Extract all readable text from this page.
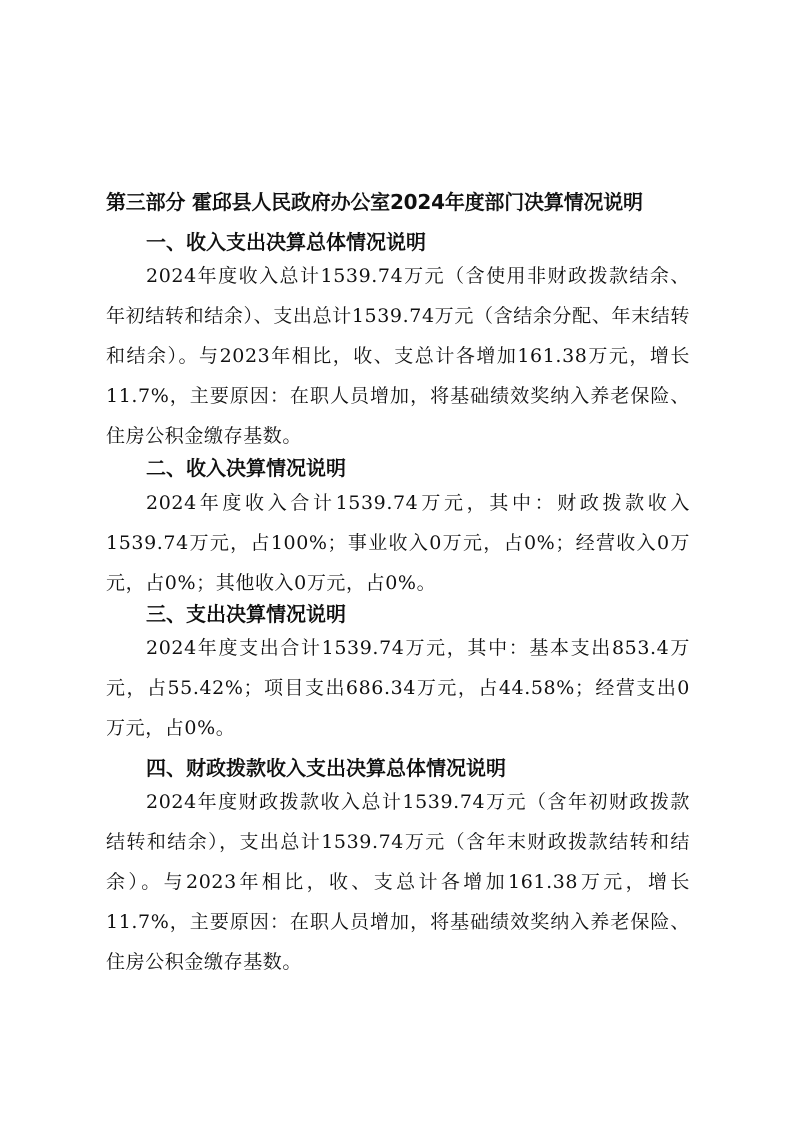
第三部分 霍邱县人民政府办公室2024年度部门决算情况说明
一、收入支出决算总体情况说明
2024年度收入总计1539.74万元（含使用非财政拨款结余、年初结转和结余）、支出总计1539.74万元（含结余分配、年末结转和结余）。与2023年相比，收、支总计各增加161.38万元，增长11.7%，主要原因：在职人员增加，将基础绩效奖纳入养老保险、住房公积金缴存基数。
二、收入决算情况说明
2024年度收入合计1539.74万元，其中：财政拨款收入1539.74万元，占100%；事业收入0万元，占0%；经营收入0万元，占0%；其他收入0万元，占0%。
三、支出决算情况说明
2024年度支出合计1539.74万元，其中：基本支出853.4万元，占55.42%；项目支出686.34万元，占44.58%；经营支出0万元，占0%。
四、财政拨款收入支出决算总体情况说明
2024年度财政拨款收入总计1539.74万元（含年初财政拨款结转和结余），支出总计1539.74万元（含年末财政拨款结转和结余）。与2023年相比，收、支总计各增加161.38万元，增长11.7%，主要原因：在职人员增加，将基础绩效奖纳入养老保险、住房公积金缴存基数。
